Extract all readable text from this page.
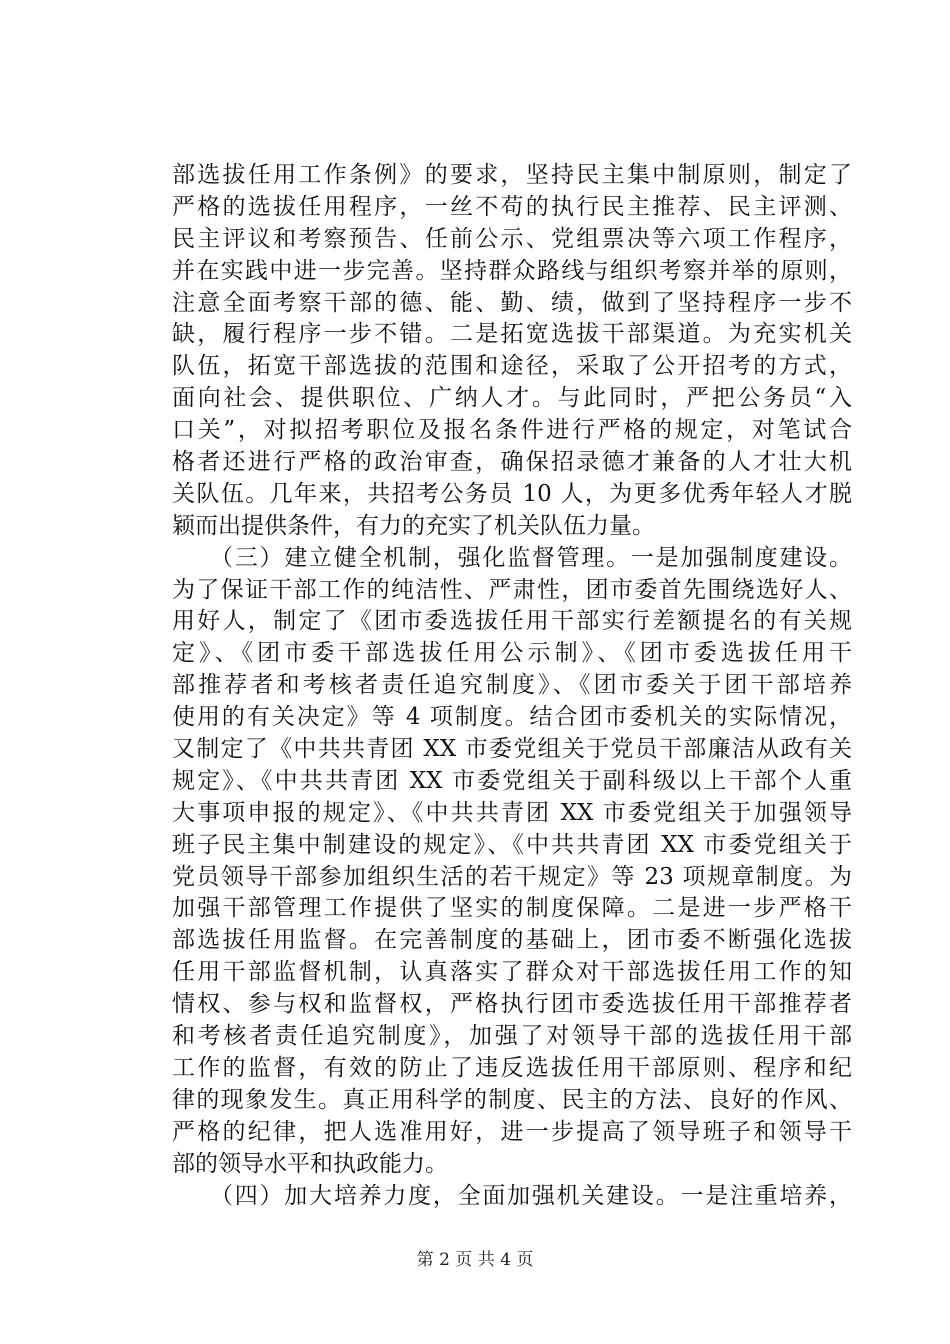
部选拔任用工作条例》的要求，坚持民主集中制原则，制定了
严格的选拔任用程序，一丝不苟的执行民主推荐、民主评测、
民主评议和考察预告、任前公示、党组票决等六项工作程序，
并在实践中进一步完善。坚持群众路线与组织考察并举的原则，
注意全面考察干部的德、能、勤、绩，做到了坚持程序一步不
缺，履行程序一步不错。二是拓宽选拔干部渠道。为充实机关
队伍，拓宽干部选拔的范围和途径，采取了公开招考的方式，
面向社会、提供职位、广纳人才。与此同时，严把公务员“入
口关”，对拟招考职位及报名条件进行严格的规定，对笔试合
格者还进行严格的政治审查，确保招录德才兼备的人才壮大机
关队伍。几年来，共招考公务员 10 人，为更多优秀年轻人才脱
颖而出提供条件，有力的充实了机关队伍力量。
　　（三）建立健全机制，强化监督管理。一是加强制度建设。
为了保证干部工作的纯洁性、严肃性，团市委首先围绕选好人、
用好人，制定了《团市委选拔任用干部实行差额提名的有关规
定》、《团市委干部选拔任用公示制》、《团市委选拔任用干
部推荐者和考核者责任追究制度》、《团市委关于团干部培养
使用的有关决定》等 4 项制度。结合团市委机关的实际情况，
又制定了《中共共青团 XX 市委党组关于党员干部廉洁从政有关
规定》、《中共共青团 XX 市委党组关于副科级以上干部个人重
大事项申报的规定》、《中共共青团 XX 市委党组关于加强领导
班子民主集中制建设的规定》、《中共共青团 XX 市委党组关于
党员领导干部参加组织生活的若干规定》等 23 项规章制度。为
加强干部管理工作提供了坚实的制度保障。二是进一步严格干
部选拔任用监督。在完善制度的基础上，团市委不断强化选拔
任用干部监督机制，认真落实了群众对干部选拔任用工作的知
情权、参与权和监督权，严格执行团市委选拔任用干部推荐者
和考核者责任追究制度》，加强了对领导干部的选拔任用干部
工作的监督，有效的防止了违反选拔任用干部原则、程序和纪
律的现象发生。真正用科学的制度、民主的方法、良好的作风、
严格的纪律，把人选准用好，进一步提高了领导班子和领导干
部的领导水平和执政能力。
　　（四）加大培养力度，全面加强机关建设。一是注重培养，
第 2 页 共 4 页
